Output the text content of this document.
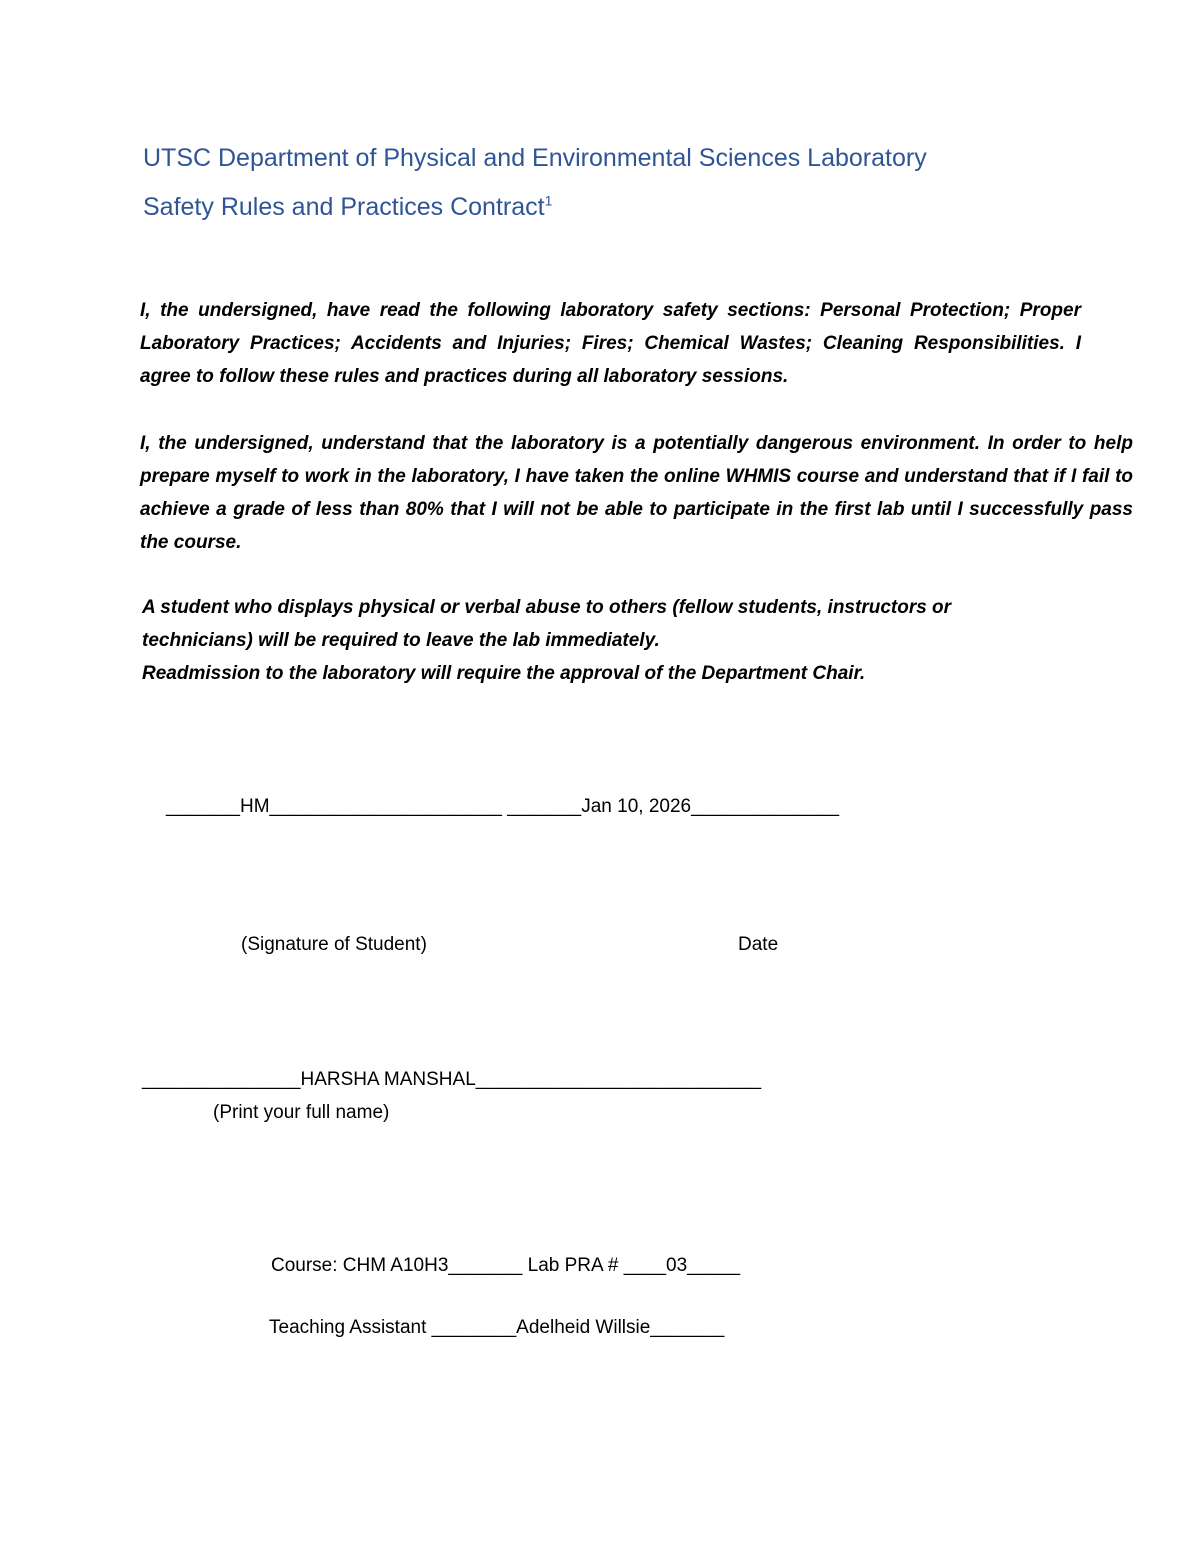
UTSC Department of Physical and Environmental Sciences Laboratory
Safety Rules and Practices Contract$^1$

I, the undersigned, have read the following laboratory safety sections: Personal Protection; Proper Laboratory Practices; Accidents and Injuries; Fires; Chemical Wastes; Cleaning Responsibilities. I agree to follow these rules and practices during all laboratory sessions.

I, the undersigned, understand that the laboratory is a potentially dangerous environment. In order to help prepare myself to work in the laboratory, I have taken the online WHMIS course and understand that if I fail to achieve a grade of less than 80% that I will not be able to participate in the first lab until I successfully pass the course.

A student who displays physical or verbal abuse to others (fellow students, instructors or
technicians) will be required to leave the lab immediately.
Readmission to the laboratory will require the approval of the Department Chair.
_______HM______________________ _______Jan 10, 2026______________
(Signature of Student)	Date
_______________HARSHA MANSHAL___________________________
(Print your full name)
Course: CHM A10H3_______ Lab PRA # ____03_____
Teaching Assistant ________Adelheid Willsie_______
